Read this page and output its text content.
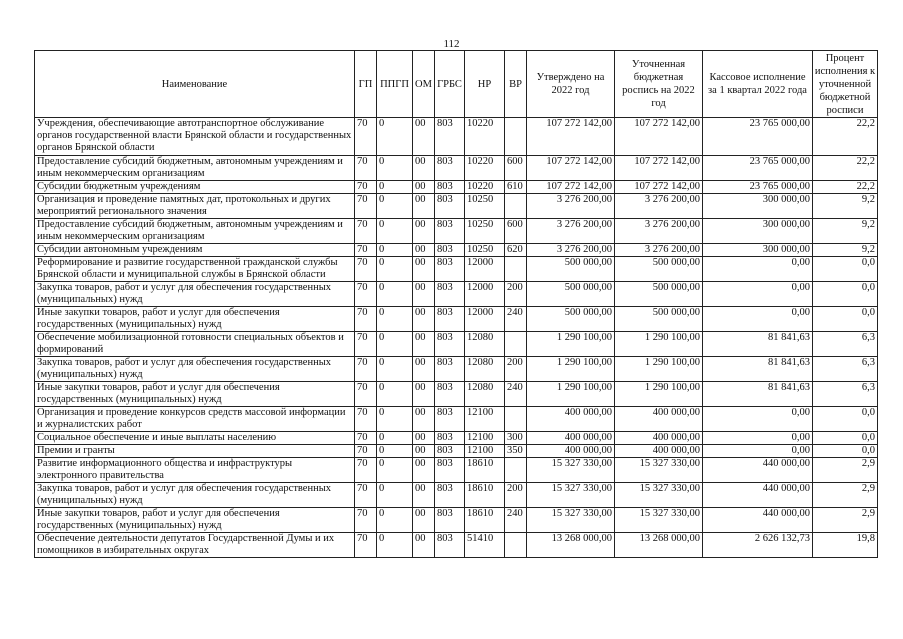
112
Наименование	ГП	ППГП	ОМ	ГРБС	НР	ВР	Утверждено на 2022 год	Уточненная бюджетная роспись на 2022 год	Кассовое исполнение за 1 квартал 2022 года	Процент исполнения к уточненной бюджетной росписи
Учреждения, обеспечивающие автотранспортное обслуживание органов государственной власти Брянской области и государственных органов Брянской области	70	0	00	803	10220		107 272 142,00	107 272 142,00	23 765 000,00	22,2
Предоставление субсидий бюджетным, автономным учреждениям и иным некоммерческим организациям	70	0	00	803	10220	600	107 272 142,00	107 272 142,00	23 765 000,00	22,2
Субсидии бюджетным учреждениям	70	0	00	803	10220	610	107 272 142,00	107 272 142,00	23 765 000,00	22,2
Организация и проведение памятных дат, протокольных и других мероприятий регионального значения	70	0	00	803	10250		3 276 200,00	3 276 200,00	300 000,00	9,2
Предоставление субсидий бюджетным, автономным учреждениям и иным некоммерческим организациям	70	0	00	803	10250	600	3 276 200,00	3 276 200,00	300 000,00	9,2
Субсидии автономным учреждениям	70	0	00	803	10250	620	3 276 200,00	3 276 200,00	300 000,00	9,2
Реформирование и развитие государственной гражданской службы Брянской области и муниципальной службы в Брянской области	70	0	00	803	12000		500 000,00	500 000,00	0,00	0,0
Закупка товаров, работ и услуг для обеспечения государственных (муниципальных) нужд	70	0	00	803	12000	200	500 000,00	500 000,00	0,00	0,0
Иные закупки товаров, работ и услуг для обеспечения государственных (муниципальных) нужд	70	0	00	803	12000	240	500 000,00	500 000,00	0,00	0,0
Обеспечение мобилизационной готовности специальных объектов и формирований	70	0	00	803	12080		1 290 100,00	1 290 100,00	81 841,63	6,3
Закупка товаров, работ и услуг для обеспечения государственных (муниципальных) нужд	70	0	00	803	12080	200	1 290 100,00	1 290 100,00	81 841,63	6,3
Иные закупки товаров, работ и услуг для обеспечения государственных (муниципальных) нужд	70	0	00	803	12080	240	1 290 100,00	1 290 100,00	81 841,63	6,3
Организация и проведение конкурсов средств массовой информации и журналистских работ	70	0	00	803	12100		400 000,00	400 000,00	0,00	0,0
Социальное обеспечение и иные выплаты населению	70	0	00	803	12100	300	400 000,00	400 000,00	0,00	0,0
Премии и гранты	70	0	00	803	12100	350	400 000,00	400 000,00	0,00	0,0
Развитие информационного общества и инфраструктуры электронного правительства	70	0	00	803	18610		15 327 330,00	15 327 330,00	440 000,00	2,9
Закупка товаров, работ и услуг для обеспечения государственных (муниципальных) нужд	70	0	00	803	18610	200	15 327 330,00	15 327 330,00	440 000,00	2,9
Иные закупки товаров, работ и услуг для обеспечения государственных (муниципальных) нужд	70	0	00	803	18610	240	15 327 330,00	15 327 330,00	440 000,00	2,9
Обеспечение деятельности депутатов Государственной Думы и их помощников в избирательных округах	70	0	00	803	51410		13 268 000,00	13 268 000,00	2 626 132,73	19,8
